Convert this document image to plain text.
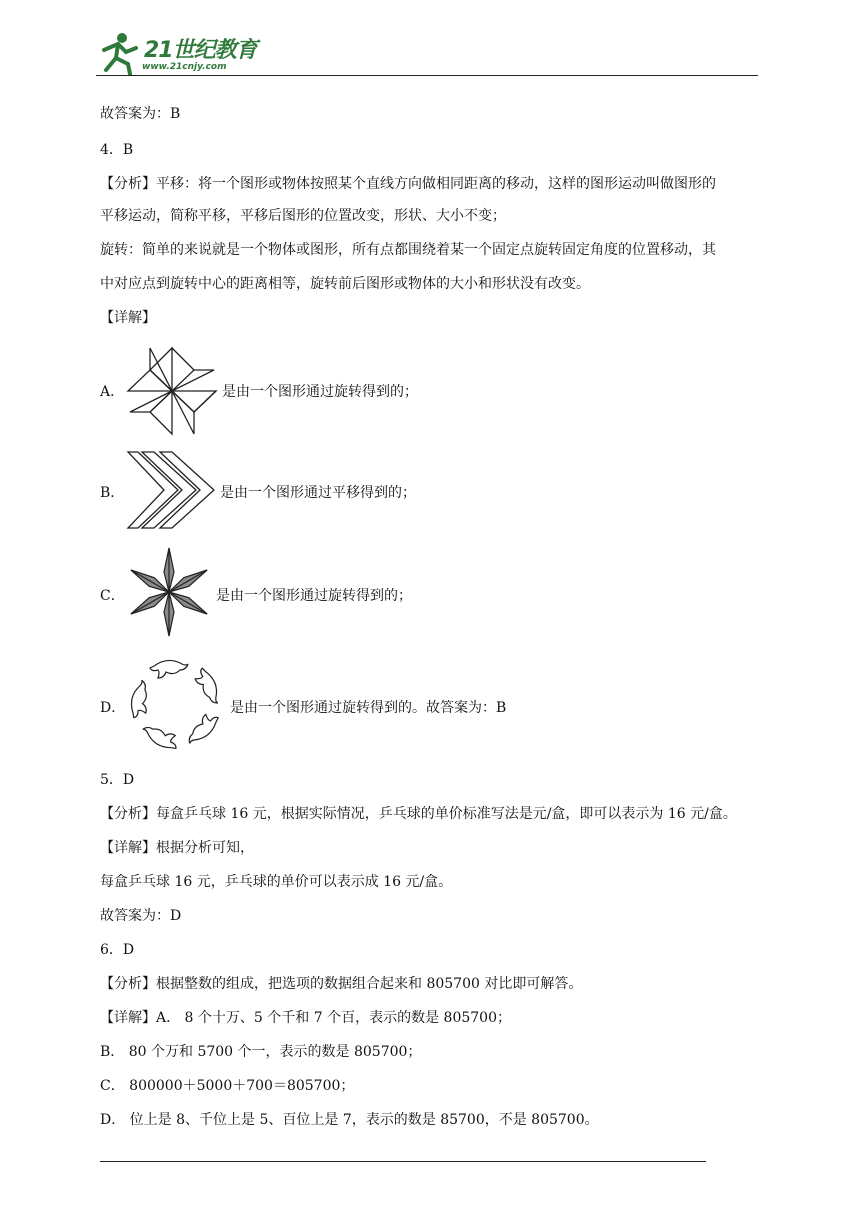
21世纪教育
www.21cnjy.com
故答案为：B
4．B
【分析】平移：将一个图形或物体按照某个直线方向做相同距离的移动，这样的图形运动叫做图形的
平移运动，简称平移，平移后图形的位置改变，形状、大小不变；
旋转：简单的来说就是一个物体或图形，所有点都围绕着某一个固定点旋转固定角度的位置移动，其
中对应点到旋转中心的距离相等，旋转前后图形或物体的大小和形状没有改变。
【详解】
A．	是由一个图形通过旋转得到的；
B．	是由一个图形通过平移得到的；
C．	是由一个图形通过旋转得到的；
D．	是由一个图形通过旋转得到的。故答案为：B
5．D
【分析】每盒乒乓球 16 元，根据实际情况，乒乓球的单价标准写法是元/盒，即可以表示为 16 元/盒。
【详解】根据分析可知，
每盒乒乓球 16 元，乒乓球的单价可以表示成 16 元/盒。
故答案为：D
6．D
【分析】根据整数的组成，把选项的数据组合起来和 805700 对比即可解答。
【详解】A． 8 个十万、5 个千和 7 个百，表示的数是 805700；
B． 80 个万和 5700 个一，表示的数是 805700；
C． 800000＋5000＋700＝805700；
D． 位上是 8、千位上是 5、百位上是 7，表示的数是 85700，不是 805700。
